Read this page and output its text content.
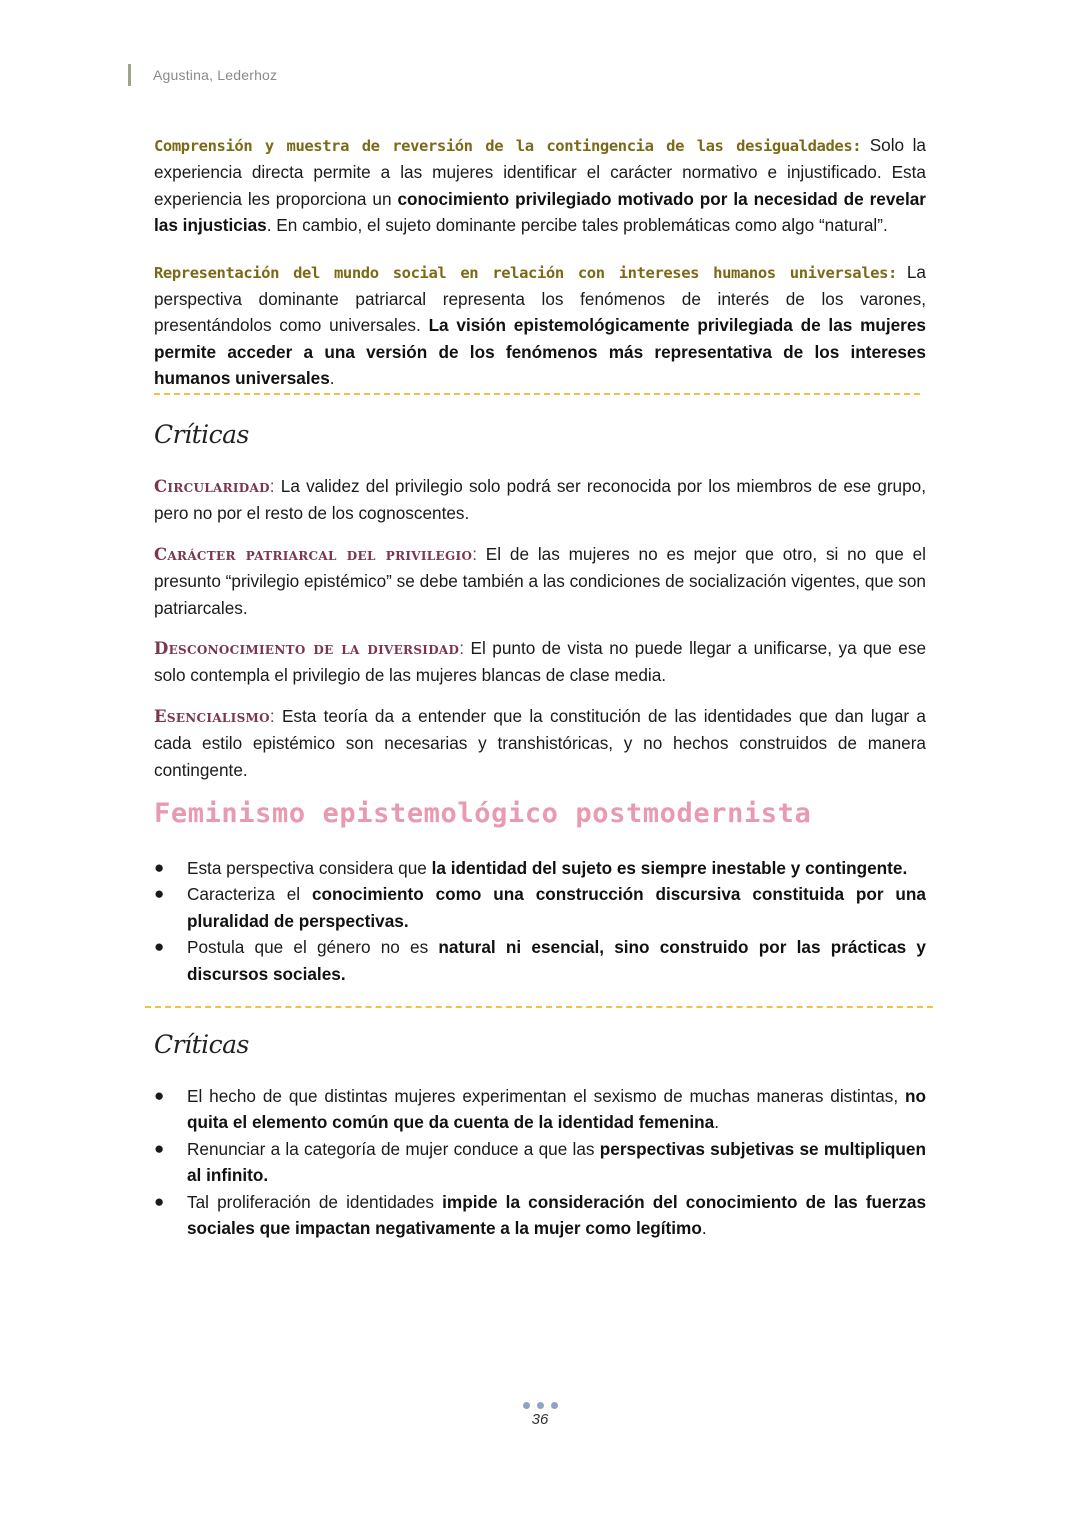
Agustina, Lederhoz

Comprensión y muestra de reversión de la contingencia de las desigualdades: Solo la experiencia directa permite a las mujeres identificar el carácter normativo e injustificado. Esta experiencia les proporciona un conocimiento privilegiado motivado por la necesidad de revelar las injusticias. En cambio, el sujeto dominante percibe tales problemáticas como algo “natural”.

Representación del mundo social en relación con intereses humanos universales: La perspectiva dominante patriarcal representa los fenómenos de interés de los varones, presentándolos como universales. La visión epistemológicamente privilegiada de las mujeres permite acceder a una versión de los fenómenos más representativa de los intereses humanos universales.

Críticas

Circularidad: La validez del privilegio solo podrá ser reconocida por los miembros de ese grupo, pero no por el resto de los cognoscentes.

Carácter patriarcal del privilegio: El de las mujeres no es mejor que otro, si no que el presunto “privilegio epistémico” se debe también a las condiciones de socialización vigentes, que son patriarcales.

Desconocimiento de la diversidad: El punto de vista no puede llegar a unificarse, ya que ese solo contempla el privilegio de las mujeres blancas de clase media.

Esencialismo: Esta teoría da a entender que la constitución de las identidades que dan lugar a cada estilo epistémico son necesarias y transhistóricas, y no hechos construidos de manera contingente.

Feminismo epistemológico postmodernista
● Esta perspectiva considera que la identidad del sujeto es siempre inestable y contingente.
● Caracteriza el conocimiento como una construcción discursiva constituida por una pluralidad de perspectivas.
● Postula que el género no es natural ni esencial, sino construido por las prácticas y discursos sociales.
Críticas
● El hecho de que distintas mujeres experimentan el sexismo de muchas maneras distintas, no quita el elemento común que da cuenta de la identidad femenina.
● Renunciar a la categoría de mujer conduce a que las perspectivas subjetivas se multipliquen al infinito.
● Tal proliferación de identidades impide la consideración del conocimiento de las fuerzas sociales que impactan negativamente a la mujer como legítimo.
36
